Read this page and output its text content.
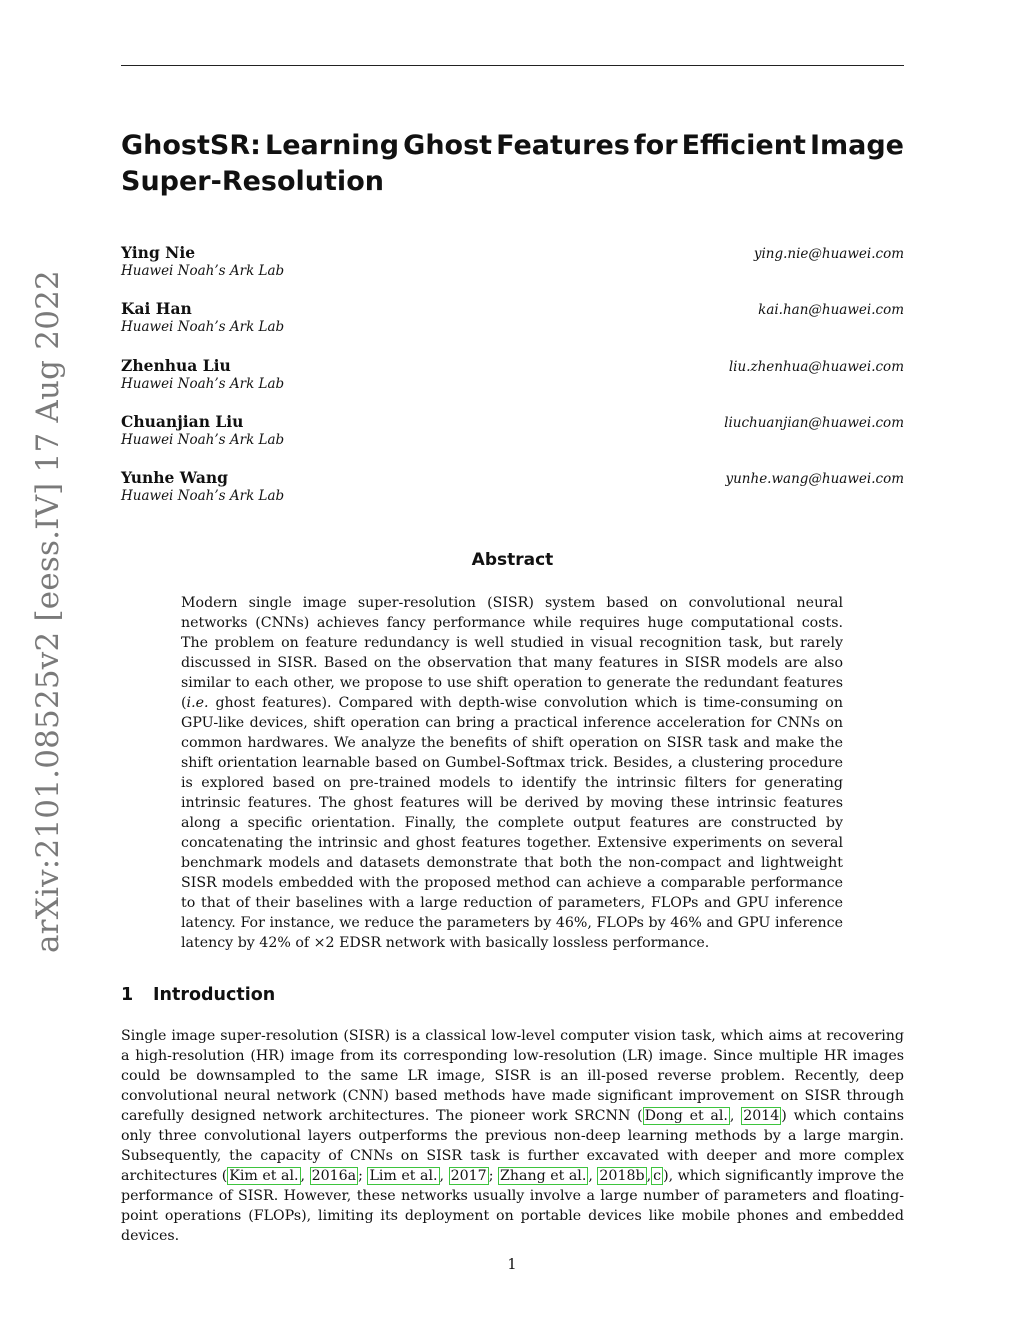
arXiv:2101.08525v2 [eess.IV] 17 Aug 2022
GhostSR: Learning Ghost Features for Efficient Image
Super-Resolution
Ying Nie	ying.nie@huawei.com
Huawei Noah’s Ark Lab
Kai Han	kai.han@huawei.com
Huawei Noah’s Ark Lab
Zhenhua Liu	liu.zhenhua@huawei.com
Huawei Noah’s Ark Lab
Chuanjian Liu	liuchuanjian@huawei.com
Huawei Noah’s Ark Lab
Yunhe Wang	yunhe.wang@huawei.com
Huawei Noah’s Ark Lab
Abstract
Modern single image super-resolution (SISR) system based on convolutional neural networks (CNNs) achieves fancy performance while requires huge computational costs. The problem on feature redundancy is well studied in visual recognition task, but rarely discussed in SISR. Based on the observation that many features in SISR models are also similar to each other, we propose to use shift operation to generate the redundant features (i.e. ghost features). Compared with depth-wise convolution which is time-consuming on GPU-like devices, shift operation can bring a practical inference acceleration for CNNs on common hardwares. We analyze the benefits of shift operation on SISR task and make the shift orientation learnable based on Gumbel-Softmax trick. Besides, a clustering procedure is explored based on pre-trained models to identify the intrinsic filters for generating intrinsic features. The ghost features will be derived by moving these intrinsic features along a specific orientation. Finally, the complete output features are constructed by concatenating the intrinsic and ghost features together. Extensive experiments on several benchmark models and datasets demonstrate that both the non-compact and lightweight SISR models embedded with the proposed method can achieve a comparable performance to that of their baselines with a large reduction of parameters, FLOPs and GPU inference latency. For instance, we reduce the parameters by 46%, FLOPs by 46% and GPU inference latency by 42% of ×2 EDSR network with basically lossless performance.
1 Introduction
Single image super-resolution (SISR) is a classical low-level computer vision task, which aims at recovering a high-resolution (HR) image from its corresponding low-resolution (LR) image. Since multiple HR images could be downsampled to the same LR image, SISR is an ill-posed reverse problem. Recently, deep convolutional neural network (CNN) based methods have made significant improvement on SISR through carefully designed network architectures. The pioneer work SRCNN ( Dong et al. , 2014 ) which contains only three convolutional layers outperforms the previous non-deep learning methods by a large margin. Subsequently, the capacity of CNNs on SISR task is further excavated with deeper and more complex architectures ( Kim et al. , 2016a ; Lim et al. , 2017 ; Zhang et al. , 2018b , c ), which significantly improve the performance of SISR. However, these networks usually involve a large number of parameters and floating-point operations (FLOPs), limiting its deployment on portable devices like mobile phones and embedded devices.
1
